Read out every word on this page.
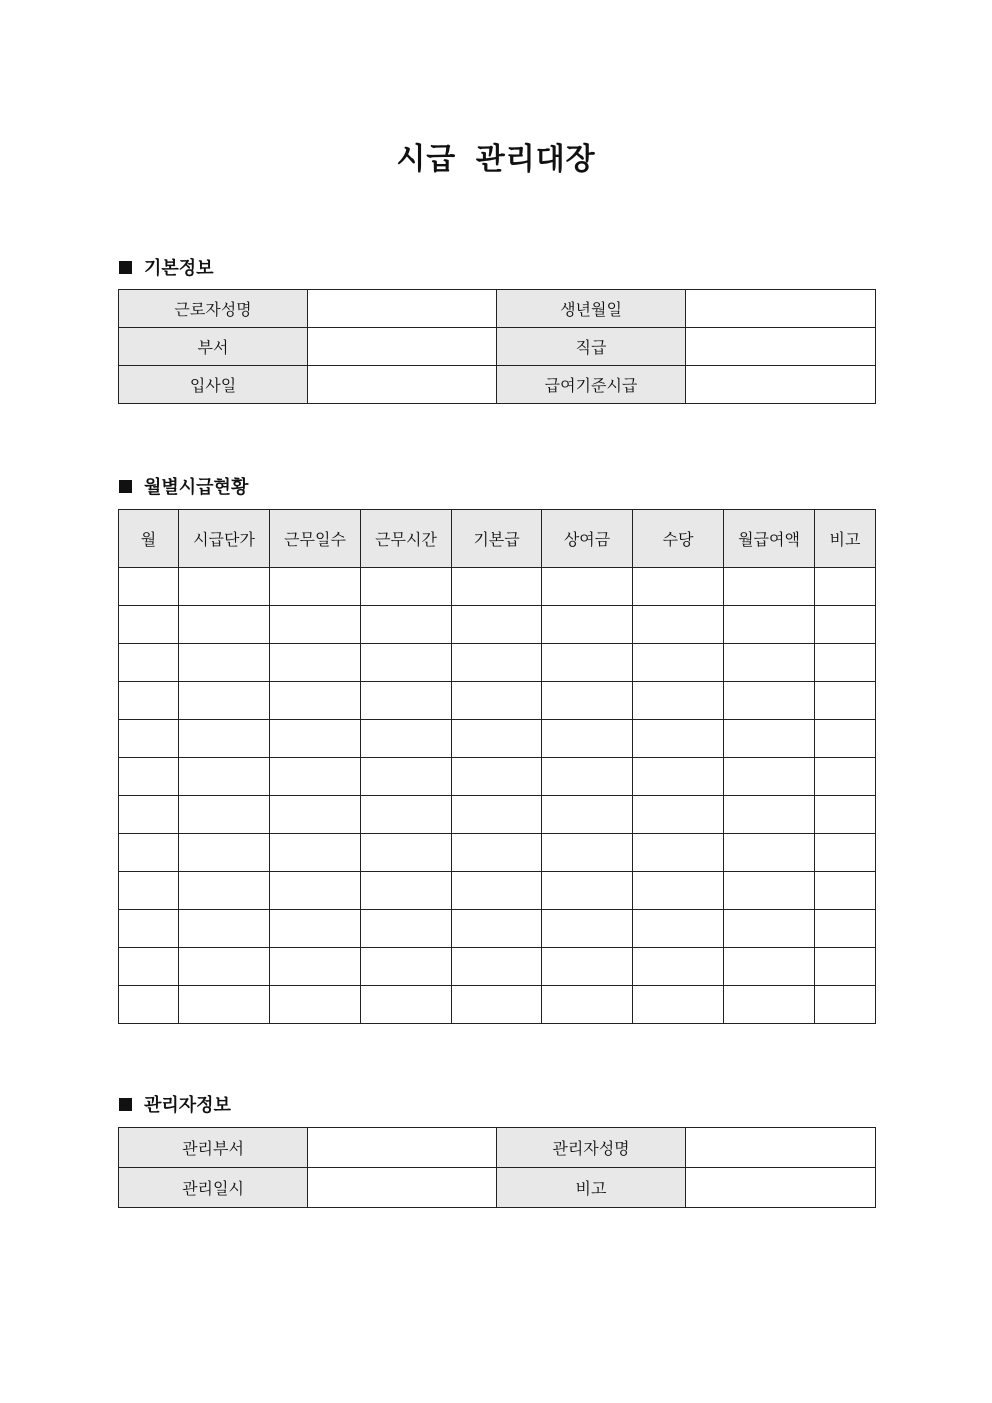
시급 관리대장
기본정보
근로자성명		생년월일	
부서		직급	
입사일		급여기준시급	
월별시급현황
월	시급단가	근무일수	근무시간	기본급	상여금	수당	월급여액	비고

관리자정보
관리부서		관리자성명	
관리일시		비고	
